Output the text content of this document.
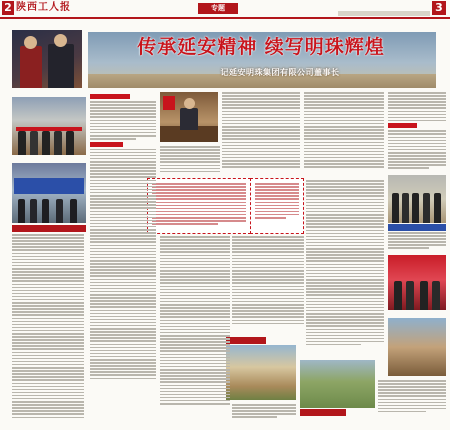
2 陕西工人报	专题	3
传承延安精神 续写明珠辉煌
记延安明珠集团有限公司董事长
